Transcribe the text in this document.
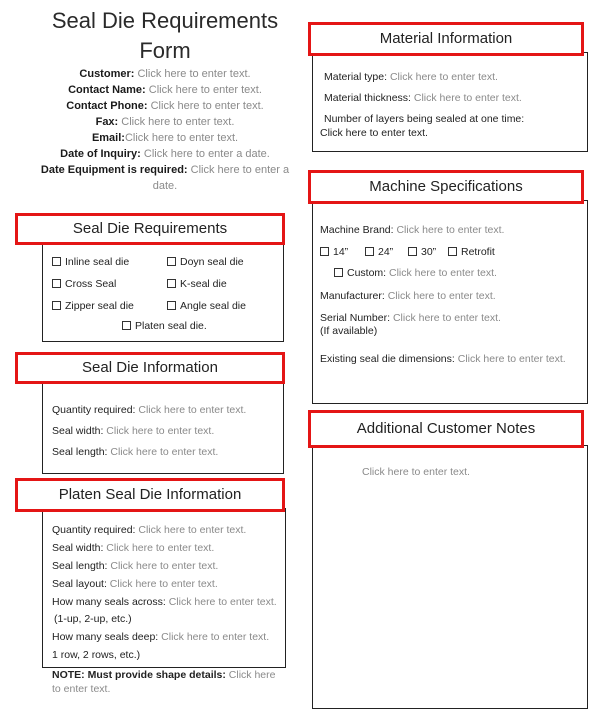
Seal Die Requirements Form
Customer: Click here to enter text.
Contact Name: Click here to enter text.
Contact Phone: Click here to enter text.
Fax: Click here to enter text.
Email:Click here to enter text.
Date of Inquiry: Click here to enter a date.
Date Equipment is required: Click here to enter a date.
Seal Die Requirements
Inline seal die	Doyn seal die
Cross Seal	K-seal die
Zipper seal die	Angle seal die
Platen seal die.
Seal Die Information
Quantity required: Click here to enter text.
Seal width: Click here to enter text.
Seal length: Click here to enter text.
Platen Seal Die Information
Quantity required: Click here to enter text.
Seal width: Click here to enter text.
Seal length: Click here to enter text.
Seal layout: Click here to enter text.
How many seals across: Click here to enter text.
(1-up, 2-up, etc.)
How many seals deep: Click here to enter text.
1 row, 2 rows, etc.)
NOTE: Must provide shape details: Click here to enter text.
Material Information
Material type: Click here to enter text.
Material thickness: Click here to enter text.
Number of layers being sealed at one time:
Click here to enter text.
Machine Specifications
Machine Brand: Click here to enter text.
14”	24”	30”	Retrofit
Custom: Click here to enter text.
Manufacturer: Click here to enter text.
Serial Number: Click here to enter text.
(If available)
Existing seal die dimensions: Click here to enter text.
Additional Customer Notes
Click here to enter text.
